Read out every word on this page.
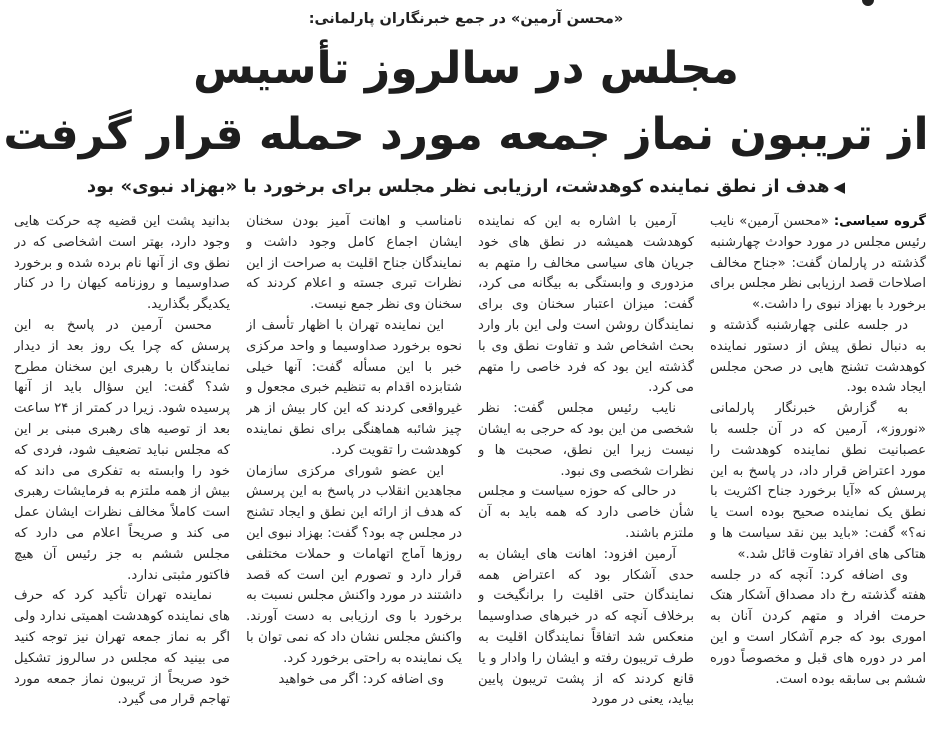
«محسن آرمین» در جمع خبرنگاران پارلمانی:
مجلس در سالروز تأسیس
از تریبون نماز جمعه مورد حمله قرار گرفت
◀هدف از نطق نماینده کوهدشت، ارزیابی نظر مجلس برای برخورد با «بهزاد نبوی» بود

گروه سیاسی: «محسن آرمین» نایب رئیس مجلس در مورد حوادث چهارشنبه گذشته در پارلمان گفت: «جناح مخالف اصلاحات قصد ارزیابی نظر مجلس برای برخورد با بهزاد نبوی را داشت.»

در جلسه علنی چهارشنبه گذشته و به دنبال نطق پیش از دستور نماینده کوهدشت تشنج هایی در صحن مجلس ایجاد شده بود.

به گزارش خبرنگار پارلمانی «نوروز»، آرمین که در آن جلسه با عصبانیت نطق نماینده کوهدشت را مورد اعتراض قرار داد، در پاسخ به این پرسش که «آیا برخورد جناح اکثریت با نطق یک نماینده صحیح بوده است یا نه؟» گفت: «باید بین نقد سیاست ها و هتاکی های افراد تفاوت قائل شد.»

وی اضافه کرد: آنچه که در جلسه هفته گذشته رخ داد مصداق آشکار هتک حرمت افراد و متهم کردن آنان به اموری بود که جرم آشکار است و این امر در دوره های قبل و مخصوصاً دوره ششم بی سابقه بوده است.

آرمین با اشاره به این که نماینده کوهدشت همیشه در نطق های خود جریان های سیاسی مخالف را متهم به مزدوری و وابستگی به بیگانه می کرد، گفت: میزان اعتبار سخنان وی برای نمایندگان روشن است ولی این بار وارد بحث اشخاص شد و تفاوت نطق وی با گذشته این بود که فرد خاصی را متهم می کرد.

نایب رئیس مجلس گفت: نظر شخصی من این بود که حرجی به ایشان نیست زیرا این نطق، صحبت ها و نظرات شخصی وی نبود.

در حالی که حوزه سیاست و مجلس شأن خاصی دارد که همه باید به آن ملتزم باشند.

آرمین افزود: اهانت های ایشان به حدی آشکار بود که اعتراض همه نمایندگان حتی اقلیت را برانگیخت و برخلاف آنچه که در خبرهای صداوسیما منعکس شد اتفاقاً نمایندگان اقلیت به طرف تریبون رفته و ایشان را وادار و یا قانع کردند که از پشت تریبون پایین بیاید، یعنی در مورد

نامناسب و اهانت آمیز بودن سخنان ایشان اجماع کامل وجود داشت و نمایندگان جناح اقلیت به صراحت از این نظرات تبری جسته و اعلام کردند که سخنان وی نظر جمع نیست.

این نماینده تهران با اظهار تأسف از نحوه برخورد صداوسیما و واحد مرکزی خبر با این مسأله گفت: آنها خیلی شتابزده اقدام به تنظیم خبری مجعول و غیرواقعی کردند که این کار بیش از هر چیز شائبه هماهنگی برای نطق نماینده کوهدشت را تقویت کرد.

این عضو شورای مرکزی سازمان مجاهدین انقلاب در پاسخ به این پرسش که هدف از ارائه این نطق و ایجاد تشنج در مجلس چه بود؟ گفت: بهزاد نبوی این روزها آماج اتهامات و حملات مختلفی قرار دارد و تصورم این است که قصد داشتند در مورد واکنش مجلس نسبت به برخورد با وی ارزیابی به دست آورند. واکنش مجلس نشان داد که نمی توان با یک نماینده به راحتی برخورد کرد.

وی اضافه کرد: اگر می خواهید

بدانید پشت این قضیه چه حرکت هایی وجود دارد، بهتر است اشخاصی که در نطق وی از آنها نام برده شده و برخورد صداوسیما و روزنامه کیهان را در کنار یکدیگر بگذارید.

محسن آرمین در پاسخ به این پرسش که چرا یک روز بعد از دیدار نمایندگان با رهبری این سخنان مطرح شد؟ گفت: این سؤال باید از آنها پرسیده شود. زیرا در کمتر از ۲۴ ساعت بعد از توصیه های رهبری مبنی بر این که مجلس نباید تضعیف شود، فردی که خود را وابسته به تفکری می داند که بیش از همه ملتزم به فرمایشات رهبری است کاملاً مخالف نظرات ایشان عمل می کند و صریحاً اعلام می دارد که مجلس ششم به جز رئیس آن هیچ فاکتور مثبتی ندارد.

نماینده تهران تأکید کرد که حرف های نماینده کوهدشت اهمیتی ندارد ولی اگر به نماز جمعه تهران نیز توجه کنید می بینید که مجلس در سالروز تشکیل خود صریحاً از تریبون نماز جمعه مورد تهاجم قرار می گیرد.
